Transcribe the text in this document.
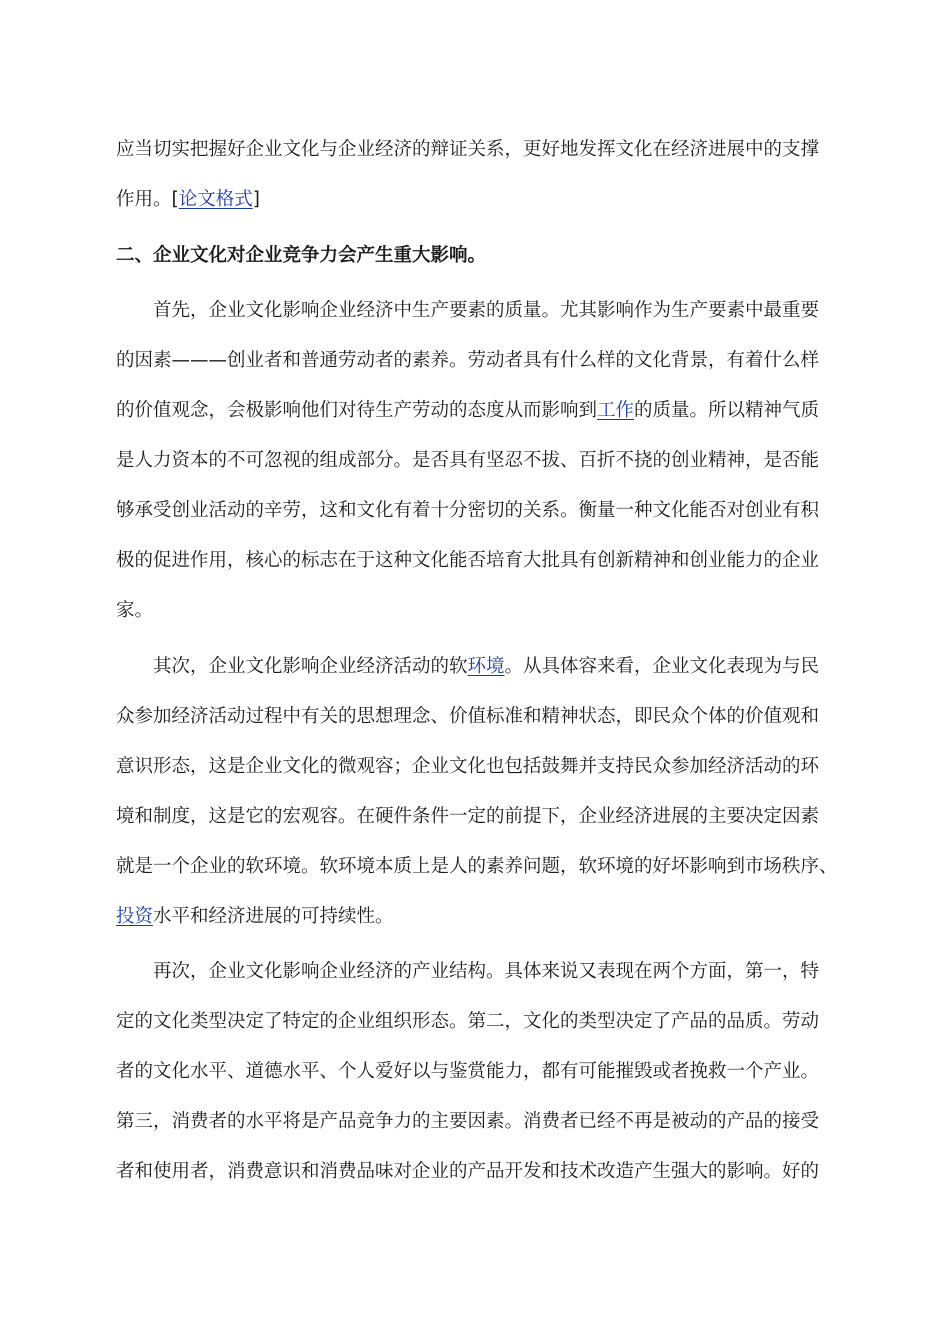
应当切实把握好企业文化与企业经济的辩证关系，更好地发挥文化在经济进展中的支撑
作用。[论文格式]
二、企业文化对企业竞争力会产生重大影响。
首先，企业文化影响企业经济中生产要素的质量。尤其影响作为生产要素中最重要
的因素———创业者和普通劳动者的素养。劳动者具有什么样的文化背景，有着什么样
的价值观念，会极影响他们对待生产劳动的态度从而影响到工作的质量。所以精神气质
是人力资本的不可忽视的组成部分。是否具有坚忍不拔、百折不挠的创业精神，是否能
够承受创业活动的辛劳，这和文化有着十分密切的关系。衡量一种文化能否对创业有积
极的促进作用，核心的标志在于这种文化能否培育大批具有创新精神和创业能力的企业
家。
其次，企业文化影响企业经济活动的软环境。从具体容来看，企业文化表现为与民
众参加经济活动过程中有关的思想理念、价值标准和精神状态，即民众个体的价值观和
意识形态，这是企业文化的微观容；企业文化也包括鼓舞并支持民众参加经济活动的环
境和制度，这是它的宏观容。在硬件条件一定的前提下，企业经济进展的主要决定因素
就是一个企业的软环境。软环境本质上是人的素养问题，软环境的好坏影响到市场秩序、
投资水平和经济进展的可持续性。
再次，企业文化影响企业经济的产业结构。具体来说又表现在两个方面，第一，特
定的文化类型决定了特定的企业组织形态。第二，文化的类型决定了产品的品质。劳动
者的文化水平、道德水平、个人爱好以与鉴赏能力，都有可能摧毁或者挽救一个产业。
第三，消费者的水平将是产品竞争力的主要因素。消费者已经不再是被动的产品的接受
者和使用者，消费意识和消费品味对企业的产品开发和技术改造产生强大的影响。好的
